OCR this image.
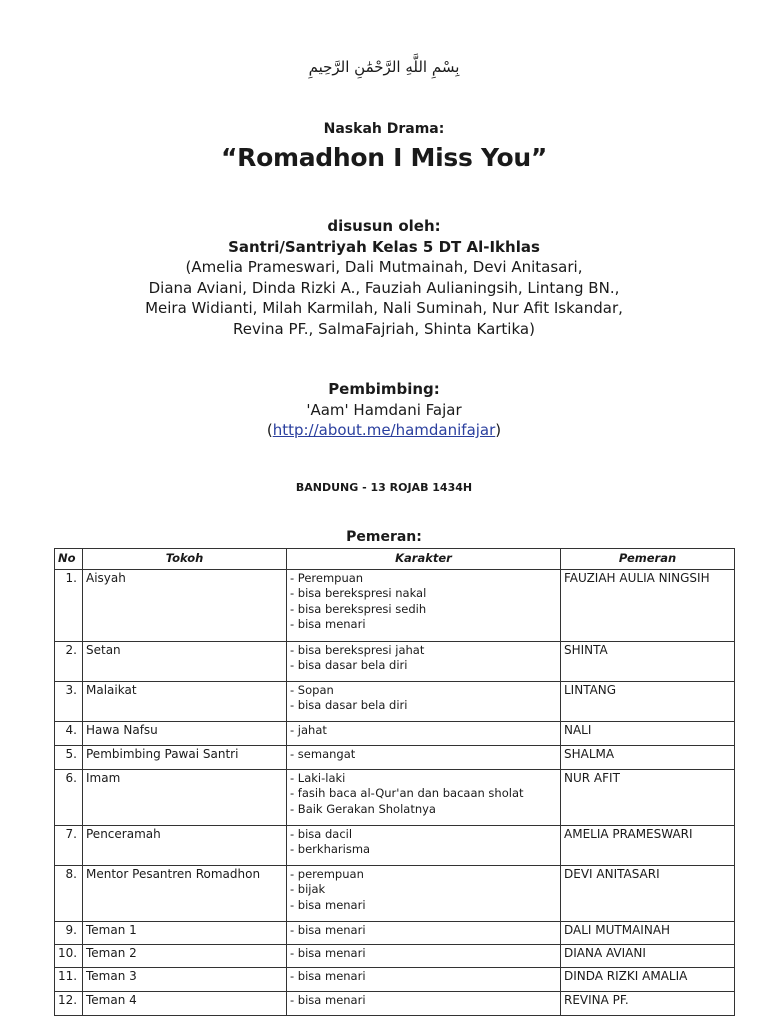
بِسْمِ اللَّهِ الرَّحْمَٰنِ الرَّحِيمِ
Naskah Drama:
“Romadhon I Miss You”
disusun oleh:
Santri/Santriyah Kelas 5 DT Al-Ikhlas
(Amelia Prameswari, Dali Mutmainah, Devi Anitasari,
Diana Aviani, Dinda Rizki A., Fauziah Aulianingsih, Lintang BN.,
Meira Widianti, Milah Karmilah, Nali Suminah, Nur Afit Iskandar,
Revina PF., SalmaFajriah, Shinta Kartika)
Pembimbing:
'Aam' Hamdani Fajar
(http://about.me/hamdanifajar)
BANDUNG - 13 ROJAB 1434H
Pemeran:
No	Tokoh	Karakter	Pemeran
1.	Aisyah	- Perempuan
- bisa berekspresi nakal
- bisa berekspresi sedih
- bisa menari	FAUZIAH AULIA NINGSIH
2.	Setan	- bisa berekspresi jahat
- bisa dasar bela diri	SHINTA
3.	Malaikat	- Sopan
- bisa dasar bela diri	LINTANG
4.	Hawa Nafsu	- jahat	NALI
5.	Pembimbing Pawai Santri	- semangat	SHALMA
6.	Imam	- Laki-laki
- fasih baca al-Qur'an dan bacaan sholat
- Baik Gerakan Sholatnya	NUR AFIT
7.	Penceramah	- bisa dacil
- berkharisma	AMELIA PRAMESWARI
8.	Mentor Pesantren Romadhon	- perempuan
- bijak
- bisa menari	DEVI ANITASARI
9.	Teman 1	- bisa menari	DALI MUTMAINAH
10.	Teman 2	- bisa menari	DIANA AVIANI
11.	Teman 3	- bisa menari	DINDA RIZKI AMALIA
12.	Teman 4	- bisa menari	REVINA PF.
